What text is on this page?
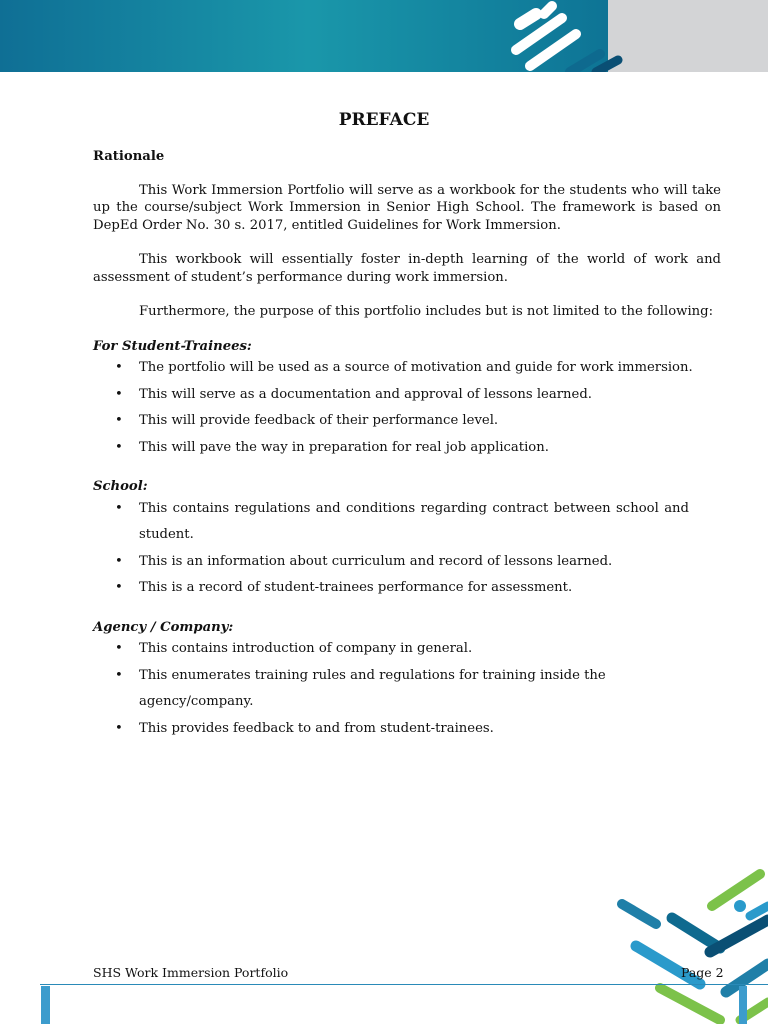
PREFACE

Rationale

This Work Immersion Portfolio will serve as a workbook for the students who will take up the course/subject Work Immersion in Senior High School. The framework is based on DepEd Order No. 30 s. 2017, entitled Guidelines for Work Immersion.

This workbook will essentially foster in-depth learning of the world of work and assessment of student’s performance during work immersion.

Furthermore, the purpose of this portfolio includes but is not limited to the following:

For Student-Trainees:

• The portfolio will be used as a source of motivation and guide for work immersion.
• This will serve as a documentation and approval of lessons learned.
• This will provide feedback of their performance level.
• This will pave the way in preparation for real job application.

School:

• This contains regulations and conditions regarding contract between school and student.
• This is an information about curriculum and record of lessons learned.
• This is a record of student-trainees performance for assessment.

Agency / Company:

• This contains introduction of company in general.
• This enumerates training rules and regulations for training inside the agency/company.
• This provides feedback to and from student-trainees.
SHS Work Immersion Portfolio	Page 2
